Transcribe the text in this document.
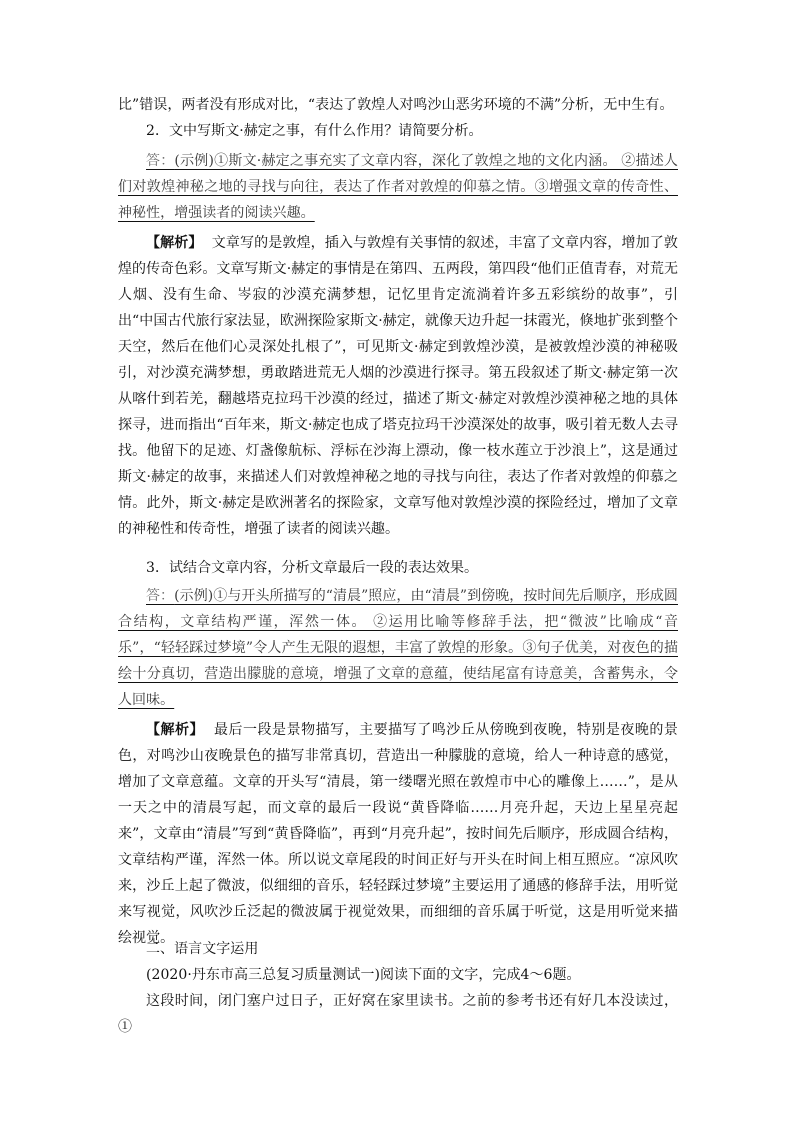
比”错误，两者没有形成对比，“表达了敦煌人对鸣沙山恶劣环境的不满”分析，无中生有。

2．文中写斯文·赫定之事，有什么作用？请简要分析。

答：(示例)①斯文·赫定之事充实了文章内容，深化了敦煌之地的文化内涵。 ②描述人们对敦煌神秘之地的寻找与向往，表达了作者对敦煌的仰慕之情。③增强文章的传奇性、神秘性，增强读者的阅读兴趣。

【解析】 文章写的是敦煌，插入与敦煌有关事情的叙述，丰富了文章内容，增加了敦煌的传奇色彩。文章写斯文·赫定的事情是在第四、五两段，第四段“他们正值青春，对荒无人烟、没有生命、岑寂的沙漠充满梦想，记忆里肯定流淌着许多五彩缤纷的故事”，引出“中国古代旅行家法显，欧洲探险家斯文·赫定，就像天边升起一抹霞光，倏地扩张到整个天空，然后在他们心灵深处扎根了”，可见斯文·赫定到敦煌沙漠，是被敦煌沙漠的神秘吸引，对沙漠充满梦想，勇敢踏进荒无人烟的沙漠进行探寻。第五段叙述了斯文·赫定第一次从喀什到若羌，翻越塔克拉玛干沙漠的经过，描述了斯文·赫定对敦煌沙漠神秘之地的具体探寻，进而指出“百年来，斯文·赫定也成了塔克拉玛干沙漠深处的故事，吸引着无数人去寻找。他留下的足迹、灯盏像航标、浮标在沙海上漂动，像一枝水莲立于沙浪上”，这是通过斯文·赫定的故事，来描述人们对敦煌神秘之地的寻找与向往，表达了作者对敦煌的仰慕之情。此外，斯文·赫定是欧洲著名的探险家，文章写他对敦煌沙漠的探险经过，增加了文章的神秘性和传奇性，增强了读者的阅读兴趣。

3．试结合文章内容，分析文章最后一段的表达效果。

答：(示例)①与开头所描写的“清晨”照应，由“清晨”到傍晚，按时间先后顺序，形成圆合结构，文章结构严谨，浑然一体。 ②运用比喻等修辞手法，把“微波”比喻成“音乐”，“轻轻踩过梦境”令人产生无限的遐想，丰富了敦煌的形象。③句子优美，对夜色的描绘十分真切，营造出朦胧的意境，增强了文章的意蕴，使结尾富有诗意美，含蓄隽永，令人回味。

【解析】 最后一段是景物描写，主要描写了鸣沙丘从傍晚到夜晚，特别是夜晚的景色，对鸣沙山夜晚景色的描写非常真切，营造出一种朦胧的意境，给人一种诗意的感觉，增加了文章意蕴。文章的开头写“清晨，第一缕曙光照在敦煌市中心的雕像上……”，是从一天之中的清晨写起，而文章的最后一段说“黄昏降临……月亮升起，天边上星星亮起来”，文章由“清晨”写到“黄昏降临”，再到“月亮升起”，按时间先后顺序，形成圆合结构，文章结构严谨，浑然一体。所以说文章尾段的时间正好与开头在时间上相互照应。“凉风吹来，沙丘上起了微波，似细细的音乐，轻轻踩过梦境”主要运用了通感的修辞手法，用听觉来写视觉，风吹沙丘泛起的微波属于视觉效果，而细细的音乐属于听觉，这是用听觉来描绘视觉。

二、语言文字运用

(2020·丹东市高三总复习质量测试一)阅读下面的文字，完成4～6题。

这段时间，闭门塞户过日子，正好窝在家里读书。之前的参考书还有好几本没读过，①
